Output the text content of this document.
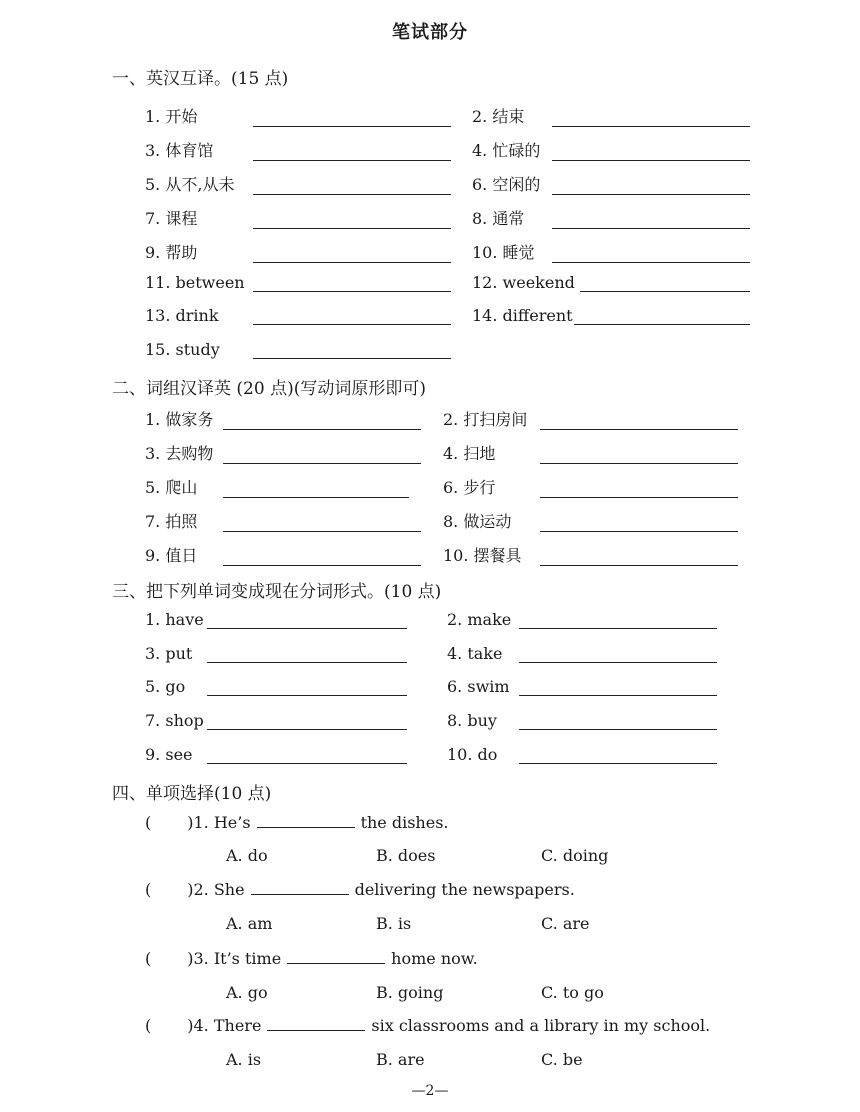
笔试部分
一、英汉互译。(15 点)
1. 开始	2. 结束
3. 体育馆	4. 忙碌的
5. 从不,从未	6. 空闲的
7. 课程	8. 通常
9. 帮助	10. 睡觉
11. between	12. weekend
13. drink	14. different
15. study
二、词组汉译英 (20 点)(写动词原形即可)
1. 做家务	2. 打扫房间
3. 去购物	4. 扫地
5. 爬山	6. 步行
7. 拍照	8. 做运动
9. 值日	10. 摆餐具
三、把下列单词变成现在分词形式。(10 点)
1. have	2. make
3. put	4. take
5. go	6. swim
7. shop	8. buy
9. see	10. do
四、单项选择(10 点)
( )1. He’s	the dishes.
A. do	B. does	C. doing
( )2. She	delivering the newspapers.
A. am	B. is	C. are
( )3. It’s time	home now.
A. go	B. going	C. to go
( )4. There	six classrooms and a library in my school.
A. is	B. are	C. be
—2—
